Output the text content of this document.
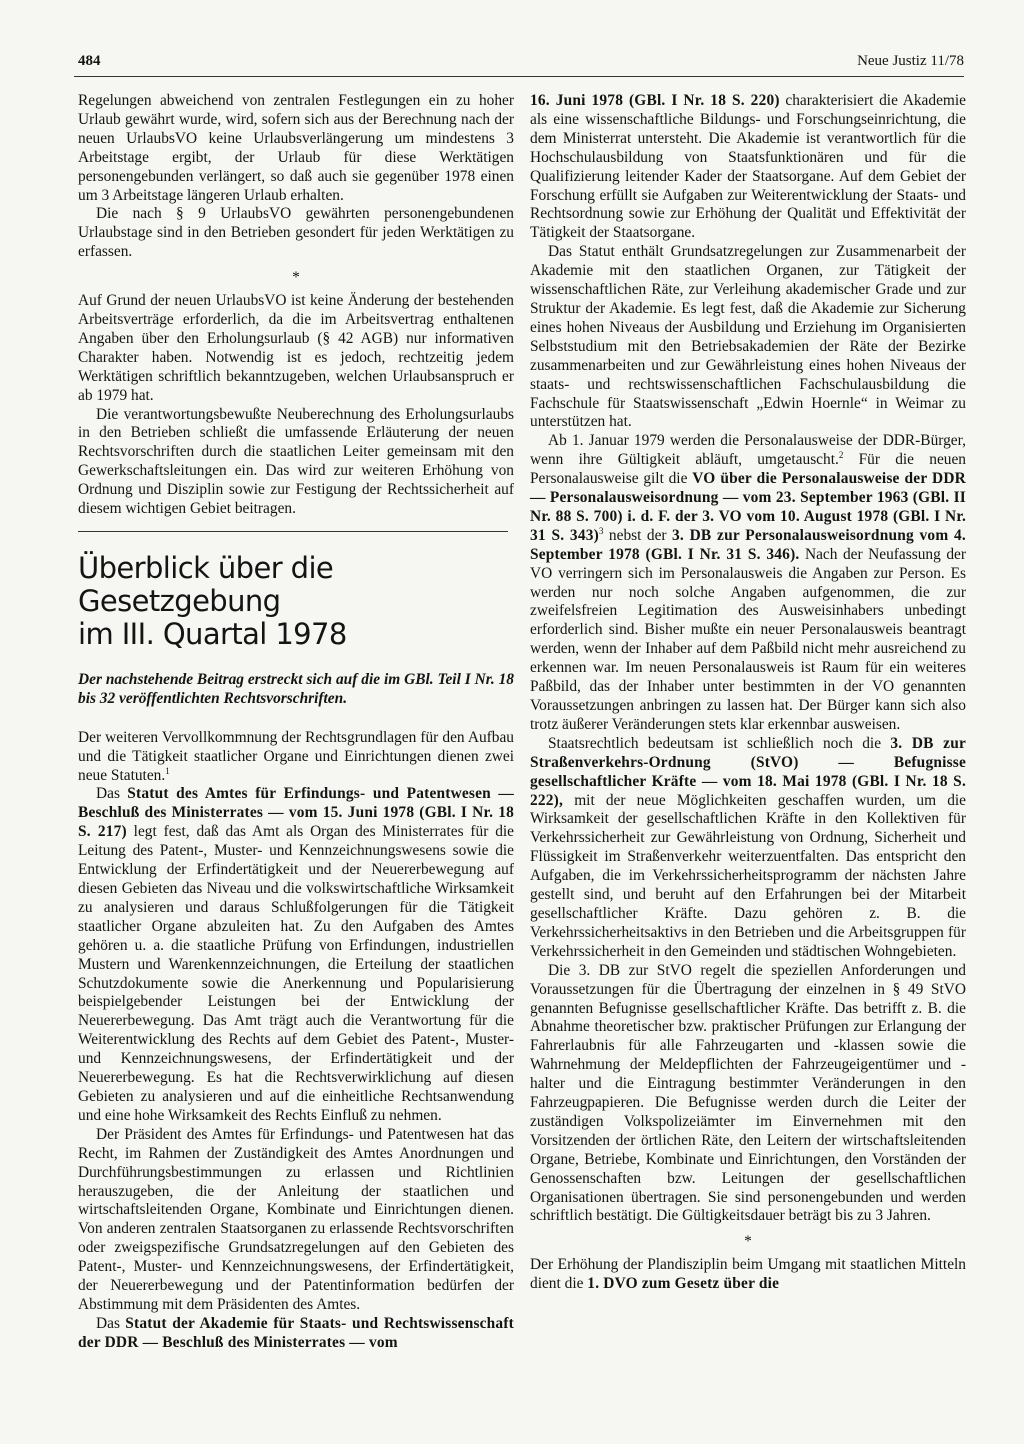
484	Neue Justiz 11/78

Regelungen abweichend von zentralen Festlegungen ein zu hoher Urlaub gewährt wurde, wird, sofern sich aus der Berechnung nach der neuen UrlaubsVO keine Urlaubsverlängerung um mindestens 3 Arbeitstage ergibt, der Urlaub für diese Werktätigen personengebunden verlängert, so daß auch sie gegenüber 1978 einen um 3 Arbeitstage längeren Urlaub erhalten.

Die nach § 9 UrlaubsVO gewährten personengebundenen Urlaubstage sind in den Betrieben gesondert für jeden Werktätigen zu erfassen.

*

Auf Grund der neuen UrlaubsVO ist keine Änderung der bestehenden Arbeitsverträge erforderlich, da die im Arbeitsvertrag enthaltenen Angaben über den Erholungsurlaub (§ 42 AGB) nur informativen Charakter haben. Notwendig ist es jedoch, rechtzeitig jedem Werktätigen schriftlich bekanntzugeben, welchen Urlaubsanspruch er ab 1979 hat.

Die verantwortungsbewußte Neuberechnung des Erholungsurlaubs in den Betrieben schließt die umfassende Erläuterung der neuen Rechtsvorschriften durch die staatlichen Leiter gemeinsam mit den Gewerkschaftsleitungen ein. Das wird zur weiteren Erhöhung von Ordnung und Disziplin sowie zur Festigung der Rechtssicherheit auf diesem wichtigen Gebiet beitragen.

Überblick über die Gesetzgebung
im III. Quartal 1978

Der nachstehende Beitrag erstreckt sich auf die im GBl. Teil I Nr. 18 bis 32 veröffentlichten Rechtsvorschriften.

Der weiteren Vervollkommnung der Rechtsgrundlagen für den Aufbau und die Tätigkeit staatlicher Organe und Einrichtungen dienen zwei neue Statuten.$^1$

Das Statut des Amtes für Erfindungs- und Patentwesen — Beschluß des Ministerrates — vom 15. Juni 1978 (GBl. I Nr. 18 S. 217) legt fest, daß das Amt als Organ des Ministerrates für die Leitung des Patent-, Muster- und Kennzeichnungswesens sowie die Entwicklung der Erfindertätigkeit und der Neuererbewegung auf diesen Gebieten das Niveau und die volkswirtschaftliche Wirksamkeit zu analysieren und daraus Schlußfolgerungen für die Tätigkeit staatlicher Organe abzuleiten hat. Zu den Aufgaben des Amtes gehören u. a. die staatliche Prüfung von Erfindungen, industriellen Mustern und Warenkennzeichnungen, die Erteilung der staatlichen Schutzdokumente sowie die Anerkennung und Popularisierung beispielgebender Leistungen bei der Entwicklung der Neuererbewegung. Das Amt trägt auch die Verantwortung für die Weiterentwicklung des Rechts auf dem Gebiet des Patent-, Muster- und Kennzeichnungswesens, der Erfindertätigkeit und der Neuererbewegung. Es hat die Rechtsverwirklichung auf diesen Gebieten zu analysieren und auf die einheitliche Rechtsanwendung und eine hohe Wirksamkeit des Rechts Einfluß zu nehmen.

Der Präsident des Amtes für Erfindungs- und Patentwesen hat das Recht, im Rahmen der Zuständigkeit des Amtes Anordnungen und Durchführungsbestimmungen zu erlassen und Richtlinien herauszugeben, die der Anleitung der staatlichen und wirtschaftsleitenden Organe, Kombinate und Einrichtungen dienen. Von anderen zentralen Staatsorganen zu erlassende Rechtsvorschriften oder zweigspezifische Grundsatzregelungen auf den Gebieten des Patent-, Muster- und Kennzeichnungswesens, der Erfindertätigkeit, der Neuererbewegung und der Patentinformation bedürfen der Abstimmung mit dem Präsidenten des Amtes.

Das Statut der Akademie für Staats- und Rechtswissenschaft der DDR — Beschluß des Ministerrates — vom

16. Juni 1978 (GBl. I Nr. 18 S. 220) charakterisiert die Akademie als eine wissenschaftliche Bildungs- und Forschungseinrichtung, die dem Ministerrat untersteht. Die Akademie ist verantwortlich für die Hochschulausbildung von Staatsfunktionären und für die Qualifizierung leitender Kader der Staatsorgane. Auf dem Gebiet der Forschung erfüllt sie Aufgaben zur Weiterentwicklung der Staats- und Rechtsordnung sowie zur Erhöhung der Qualität und Effektivität der Tätigkeit der Staatsorgane.

Das Statut enthält Grundsatzregelungen zur Zusammenarbeit der Akademie mit den staatlichen Organen, zur Tätigkeit der wissenschaftlichen Räte, zur Verleihung akademischer Grade und zur Struktur der Akademie. Es legt fest, daß die Akademie zur Sicherung eines hohen Niveaus der Ausbildung und Erziehung im Organisierten Selbststudium mit den Betriebsakademien der Räte der Bezirke zusammenarbeiten und zur Gewährleistung eines hohen Niveaus der staats- und rechtswissenschaftlichen Fachschulausbildung die Fachschule für Staatswissenschaft „Edwin Hoernle“ in Weimar zu unterstützen hat.

Ab 1. Januar 1979 werden die Personalausweise der DDR-Bürger, wenn ihre Gültigkeit abläuft, umgetauscht.$^2$ Für die neuen Personalausweise gilt die VO über die Personalausweise der DDR — Personalausweisordnung — vom 23. September 1963 (GBl. II Nr. 88 S. 700) i. d. F. der 3. VO vom 10. August 1978 (GBl. I Nr. 31 S. 343)$^3$ nebst der 3. DB zur Personalausweisordnung vom 4. September 1978 (GBl. I Nr. 31 S. 346). Nach der Neufassung der VO verringern sich im Personalausweis die Angaben zur Person. Es werden nur noch solche Angaben aufgenommen, die zur zweifelsfreien Legitimation des Ausweisinhabers unbedingt erforderlich sind. Bisher mußte ein neuer Personalausweis beantragt werden, wenn der Inhaber auf dem Paßbild nicht mehr ausreichend zu erkennen war. Im neuen Personalausweis ist Raum für ein weiteres Paßbild, das der Inhaber unter bestimmten in der VO genannten Voraussetzungen anbringen zu lassen hat. Der Bürger kann sich also trotz äußerer Veränderungen stets klar erkennbar ausweisen.

Staatsrechtlich bedeutsam ist schließlich noch die 3. DB zur Straßenverkehrs-Ordnung (StVO) — Befugnisse gesellschaftlicher Kräfte — vom 18. Mai 1978 (GBl. I Nr. 18 S. 222), mit der neue Möglichkeiten geschaffen wurden, um die Wirksamkeit der gesellschaftlichen Kräfte in den Kollektiven für Verkehrssicherheit zur Gewährleistung von Ordnung, Sicherheit und Flüssigkeit im Straßenverkehr weiterzuentfalten. Das entspricht den Aufgaben, die im Verkehrssicherheitsprogramm der nächsten Jahre gestellt sind, und beruht auf den Erfahrungen bei der Mitarbeit gesellschaftlicher Kräfte. Dazu gehören z. B. die Verkehrssicherheitsaktivs in den Betrieben und die Arbeitsgruppen für Verkehrssicherheit in den Gemeinden und städtischen Wohngebieten.

Die 3. DB zur StVO regelt die speziellen Anforderungen und Voraussetzungen für die Übertragung der einzelnen in § 49 StVO genannten Befugnisse gesellschaftlicher Kräfte. Das betrifft z. B. die Abnahme theoretischer bzw. praktischer Prüfungen zur Erlangung der Fahrerlaubnis für alle Fahrzeugarten und -klassen sowie die Wahrnehmung der Meldepflichten der Fahrzeugeigentümer und -halter und die Eintragung bestimmter Veränderungen in den Fahrzeugpapieren. Die Befugnisse werden durch die Leiter der zuständigen Volkspolizeiämter im Einvernehmen mit den Vorsitzenden der örtlichen Räte, den Leitern der wirtschaftsleitenden Organe, Betriebe, Kombinate und Einrichtungen, den Vorständen der Genossenschaften bzw. Leitungen der gesellschaftlichen Organisationen übertragen. Sie sind personengebunden und werden schriftlich bestätigt. Die Gültigkeitsdauer beträgt bis zu 3 Jahren.

*

Der Erhöhung der Plandisziplin beim Umgang mit staatlichen Mitteln dient die 1. DVO zum Gesetz über die
